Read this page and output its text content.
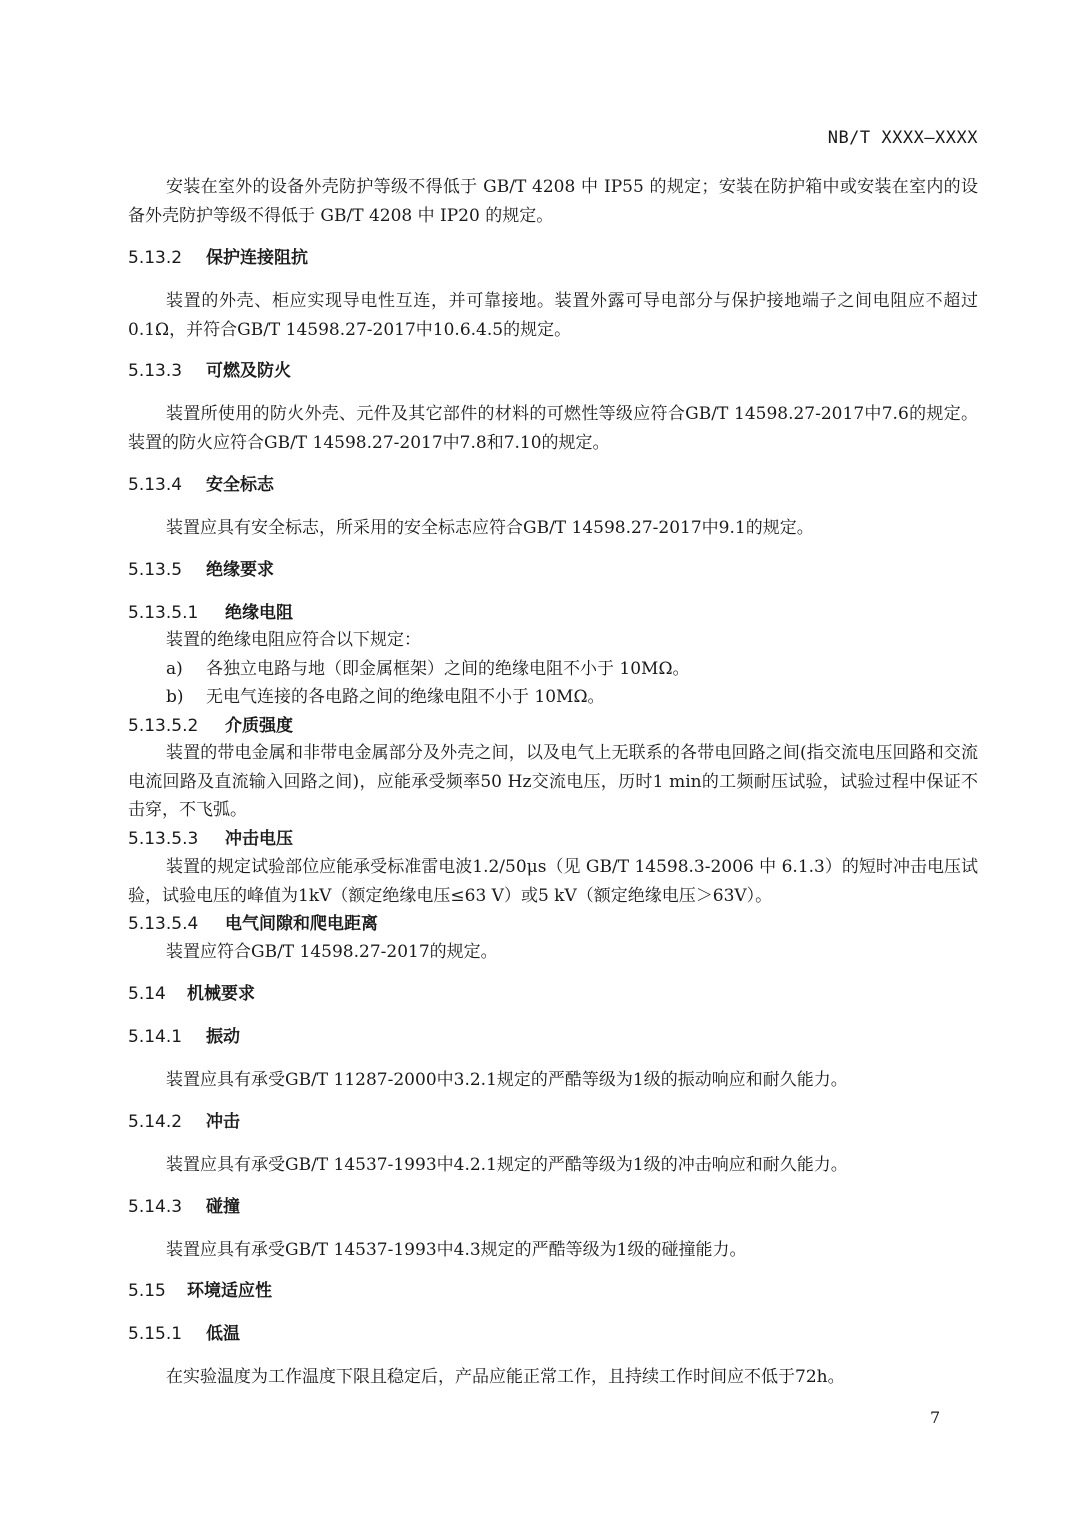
NB/T XXXX—XXXX

安装在室外的设备外壳防护等级不得低于 GB/T 4208 中 IP55 的规定；安装在防护箱中或安装在室内的设备外壳防护等级不得低于 GB/T 4208 中 IP20 的规定。

5.13.2 保护连接阻抗

装置的外壳、柜应实现导电性互连，并可靠接地。装置外露可导电部分与保护接地端子之间电阻应不超过0.1Ω，并符合GB/T 14598.27-2017中10.6.4.5的规定。

5.13.3 可燃及防火

装置所使用的防火外壳、元件及其它部件的材料的可燃性等级应符合GB/T 14598.27-2017中7.6的规定。装置的防火应符合GB/T 14598.27-2017中7.8和7.10的规定。

5.13.4 安全标志

装置应具有安全标志，所采用的安全标志应符合GB/T 14598.27-2017中9.1的规定。

5.13.5 绝缘要求
5.13.5.1 绝缘电阻

装置的绝缘电阻应符合以下规定：

a) 各独立电路与地（即金属框架）之间的绝缘电阻不小于 10MΩ。
b) 无电气连接的各电路之间的绝缘电阻不小于 10MΩ。
5.13.5.2 介质强度

装置的带电金属和非带电金属部分及外壳之间，以及电气上无联系的各带电回路之间(指交流电压回路和交流电流回路及直流输入回路之间)，应能承受频率50 Hz交流电压，历时1 min的工频耐压试验，试验过程中保证不击穿，不飞弧。

5.13.5.3 冲击电压

装置的规定试验部位应能承受标准雷电波1.2/50μs（见 GB/T 14598.3-2006 中 6.1.3）的短时冲击电压试验，试验电压的峰值为1kV（额定绝缘电压≤63 V）或5 kV（额定绝缘电压＞63V）。

5.13.5.4 电气间隙和爬电距离

装置应符合GB/T 14598.27-2017的规定。

5.14 机械要求
5.14.1 振动

装置应具有承受GB/T 11287-2000中3.2.1规定的严酷等级为1级的振动响应和耐久能力。

5.14.2 冲击

装置应具有承受GB/T 14537-1993中4.2.1规定的严酷等级为1级的冲击响应和耐久能力。

5.14.3 碰撞

装置应具有承受GB/T 14537-1993中4.3规定的严酷等级为1级的碰撞能力。

5.15 环境适应性
5.15.1 低温

在实验温度为工作温度下限且稳定后，产品应能正常工作，且持续工作时间应不低于72h。

7
